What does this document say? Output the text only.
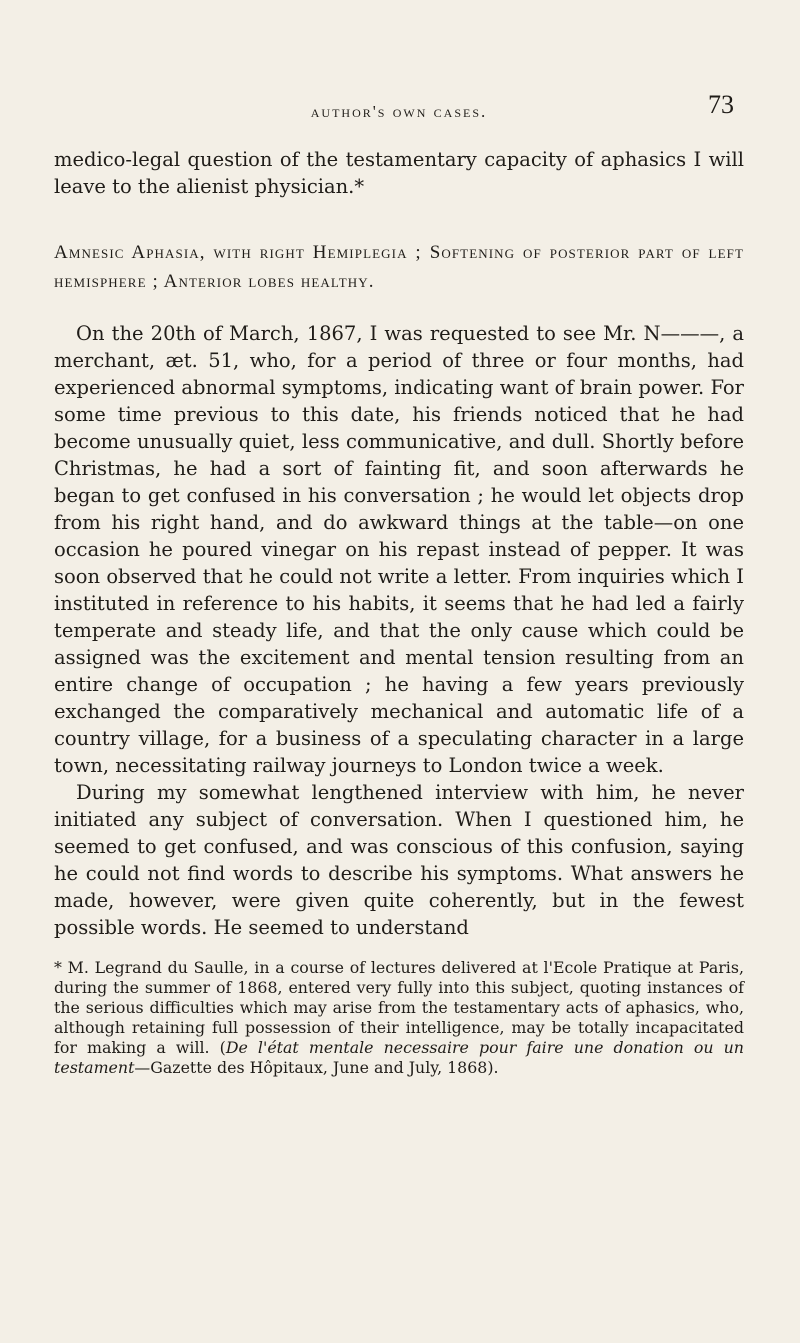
author's own cases.	73

medico-legal question of the testamentary capacity of aphasics I will leave to the alienist physician.*

Amnesic Aphasia, with right Hemiplegia ; Softening of posterior part of left hemisphere ; Anterior lobes healthy.

On the 20th of March, 1867, I was requested to see Mr. N———, a merchant, æt. 51, who, for a period of three or four months, had experienced abnormal symptoms, indicating want of brain power. For some time previous to this date, his friends noticed that he had become unusually quiet, less communicative, and dull. Shortly before Christmas, he had a sort of fainting fit, and soon afterwards he began to get confused in his conversation ; he would let objects drop from his right hand, and do awkward things at the table—on one occasion he poured vinegar on his repast instead of pepper. It was soon observed that he could not write a letter. From inquiries which I instituted in reference to his habits, it seems that he had led a fairly temperate and steady life, and that the only cause which could be assigned was the excitement and mental tension resulting from an entire change of occupation ; he having a few years previously exchanged the comparatively mechanical and automatic life of a country village, for a business of a speculating character in a large town, necessitating railway journeys to London twice a week.

During my somewhat lengthened interview with him, he never initiated any subject of conversation. When I questioned him, he seemed to get confused, and was conscious of this confusion, saying he could not find words to describe his symptoms. What answers he made, however, were given quite coherently, but in the fewest possible words. He seemed to understand

* M. Legrand du Saulle, in a course of lectures delivered at l'Ecole Pratique at Paris, during the summer of 1868, entered very fully into this subject, quoting instances of the serious difficulties which may arise from the testamentary acts of aphasics, who, although retaining full possession of their intelligence, may be totally incapacitated for making a will. (De l'état mentale necessaire pour faire une donation ou un testament—Gazette des Hôpitaux, June and July, 1868).
